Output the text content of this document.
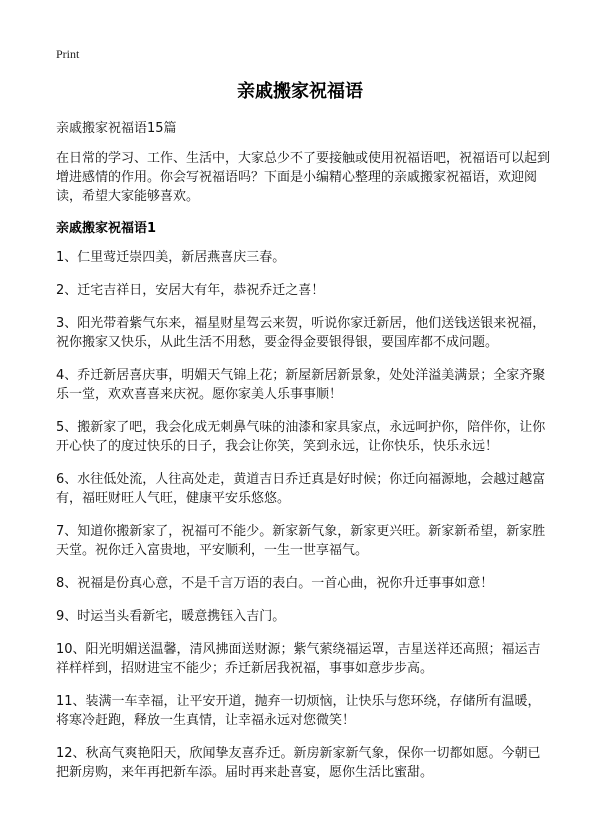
Print
亲戚搬家祝福语

亲戚搬家祝福语15篇

在日常的学习、工作、生活中，大家总少不了要接触或使用祝福语吧，祝福语可以起到增进感情的作用。你会写祝福语吗？下面是小编精心整理的亲戚搬家祝福语，欢迎阅读，希望大家能够喜欢。

亲戚搬家祝福语1

1、仁里莺迁崇四美，新居燕喜庆三春。

2、迁宅吉祥日，安居大有年，恭祝乔迁之喜！

3、阳光带着紫气东来，福星财星驾云来贺，听说你家迁新居，他们送钱送银来祝福，祝你搬家又快乐，从此生活不用愁，要金得金要银得银，要国库都不成问题。

4、乔迁新居喜庆事，明媚天气锦上花；新屋新居新景象，处处洋溢美满景；全家齐聚乐一堂，欢欢喜喜来庆祝。愿你家美人乐事事顺！

5、搬新家了吧，我会化成无刺鼻气味的油漆和家具家点，永远呵护你，陪伴你，让你开心快了的度过快乐的日子，我会让你笑，笑到永远，让你快乐，快乐永远！

6、水往低处流，人往高处走，黄道吉日乔迁真是好时候；你迁向福源地，会越过越富有，福旺财旺人气旺，健康平安乐悠悠。

7、知道你搬新家了，祝福可不能少。新家新气象，新家更兴旺。新家新希望，新家胜天堂。祝你迁入富贵地，平安顺利，一生一世享福气。

8、祝福是份真心意，不是千言万语的表白。一首心曲，祝你升迁事事如意！

9、时运当头看新宅，暖意携钰入吉门。

10、阳光明媚送温馨，清风拂面送财源；紫气萦绕福运罩，吉星送祥还高照；福运吉祥样样到，招财进宝不能少；乔迁新居我祝福，事事如意步步高。

11、装满一车幸福，让平安开道，抛弃一切烦恼，让快乐与您环绕，存储所有温暖，将寒冷赶跑，释放一生真情，让幸福永远对您微笑！

12、秋高气爽艳阳天，欣闻挚友喜乔迁。新房新家新气象，保你一切都如愿。今朝已把新房购，来年再把新车添。届时再来赴喜宴，愿你生活比蜜甜。
